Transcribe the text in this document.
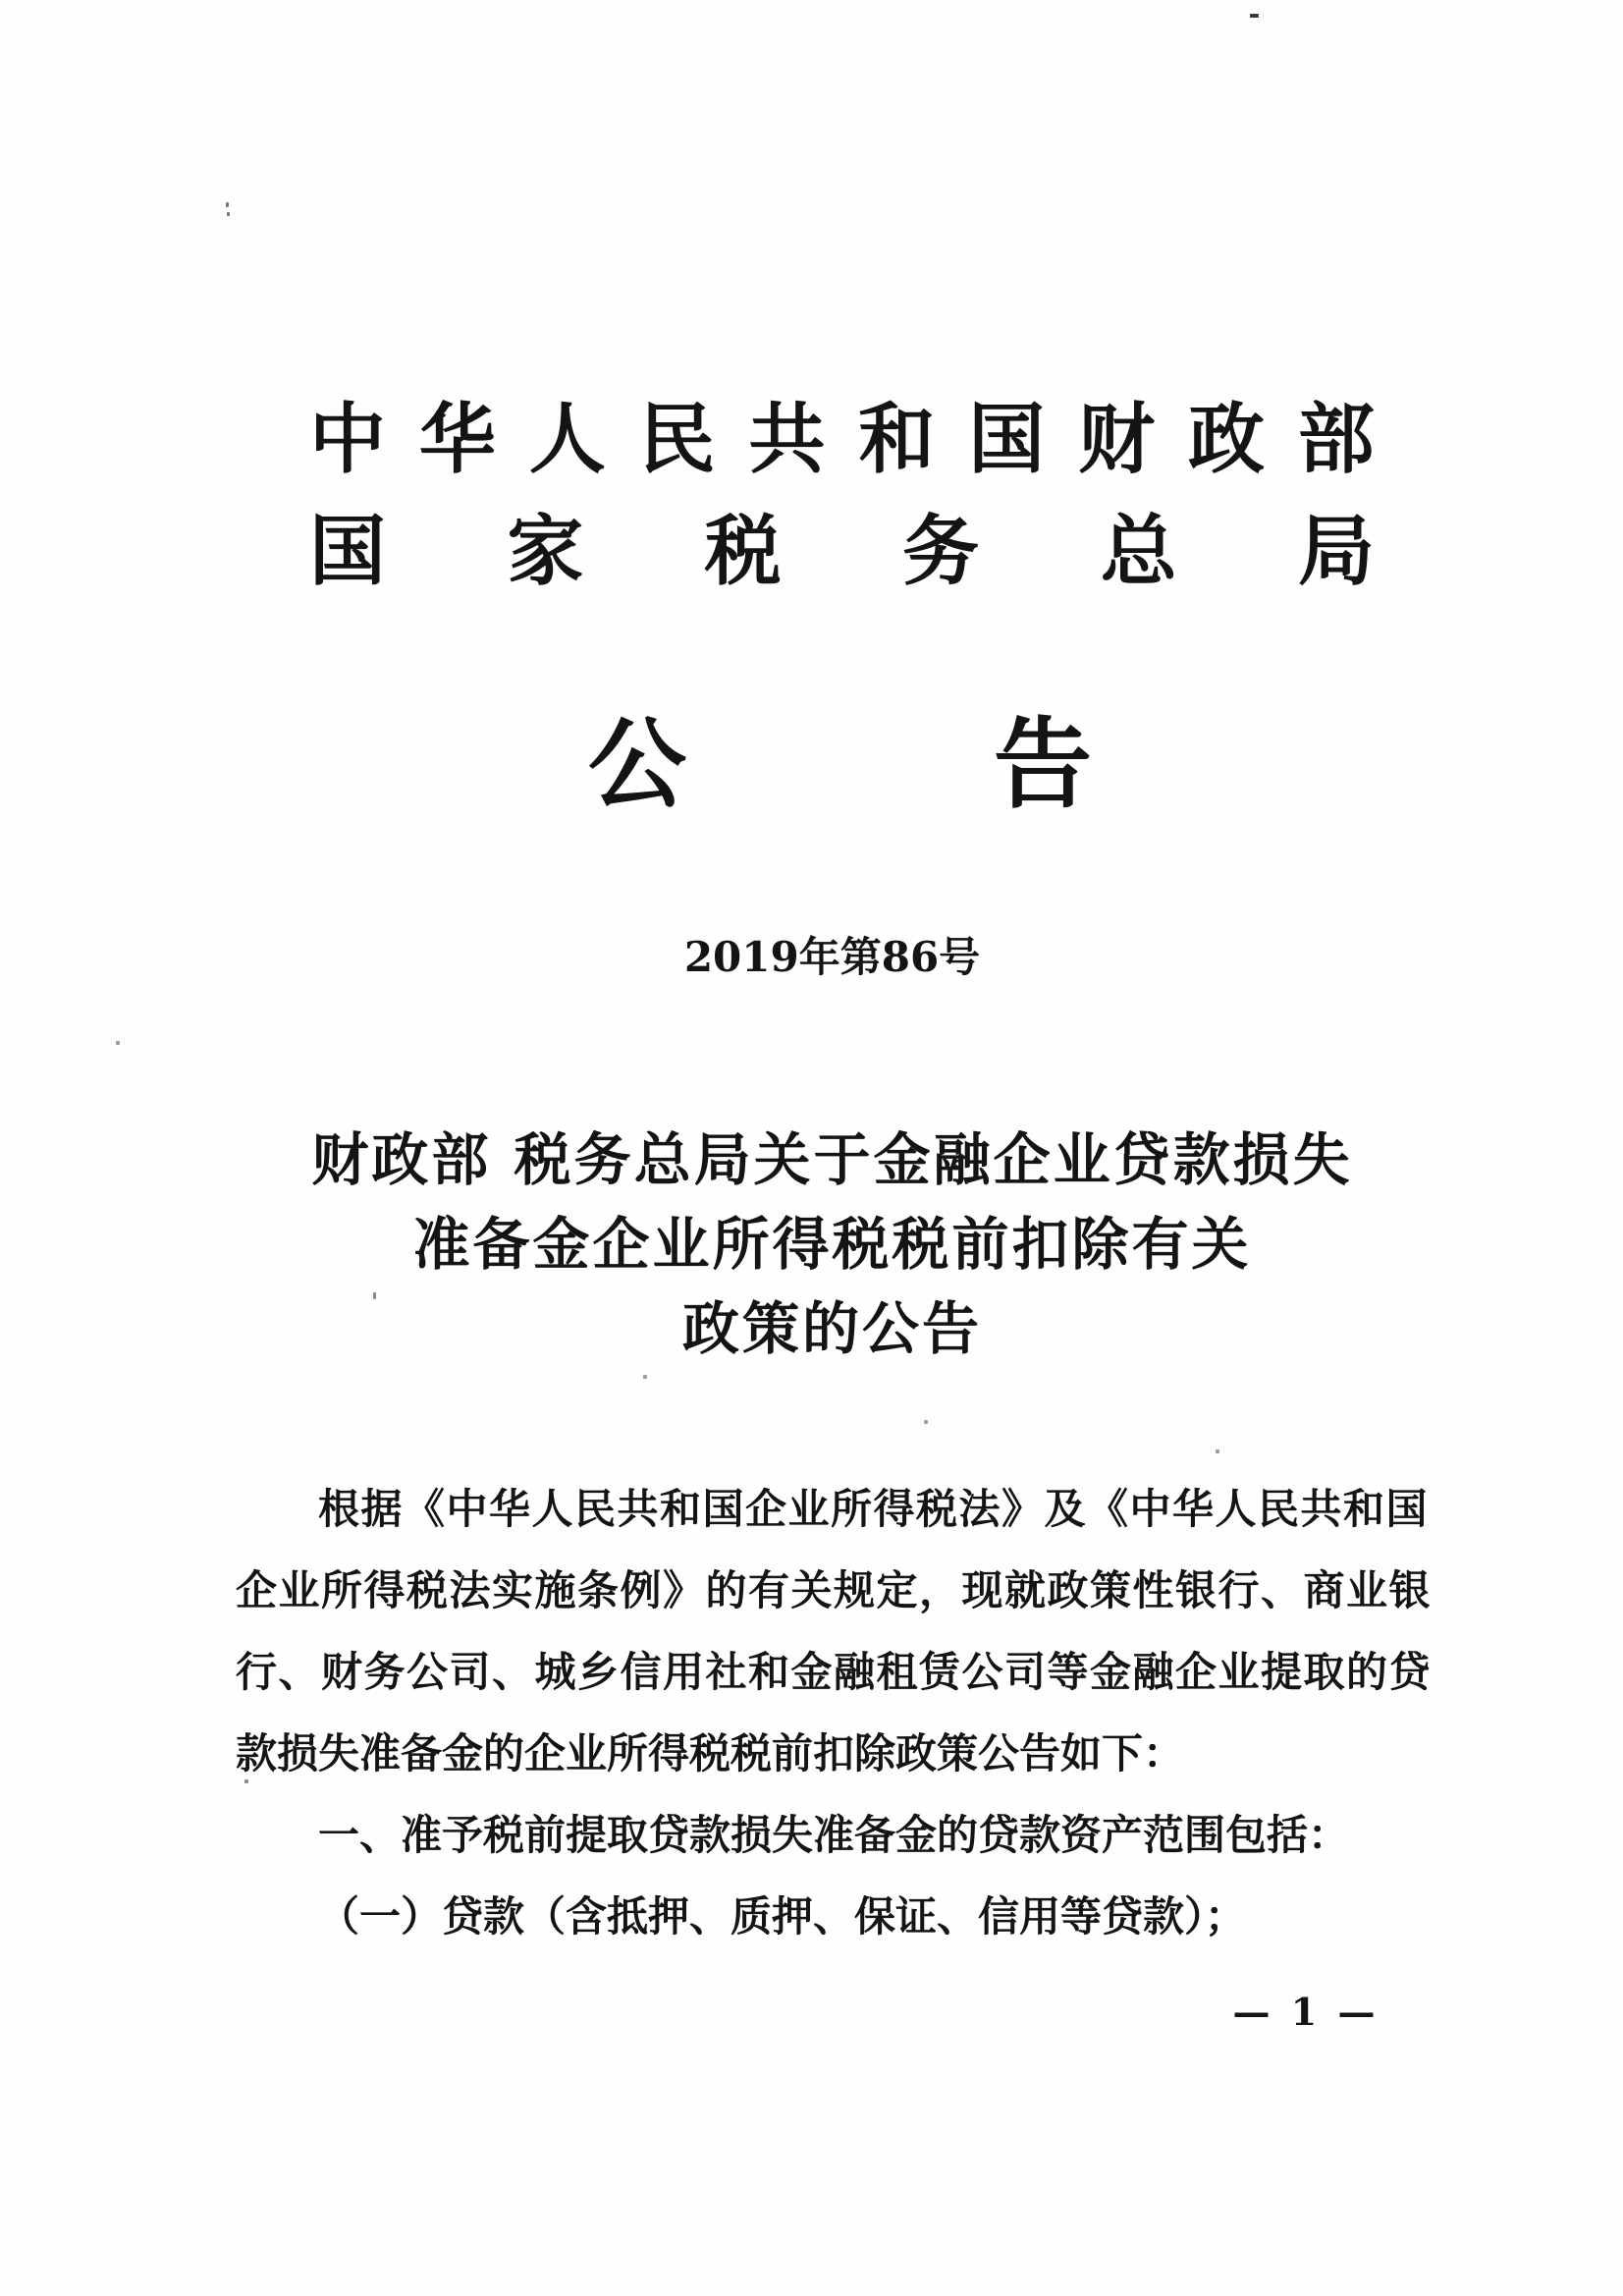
中 华 人 民 共 和 国 财 政 部
国 家 税 务 总 局
公	告
2019年第86号
财政部 税务总局关于金融企业贷款损失
准备金企业所得税税前扣除有关
政策的公告
根据《中华人民共和国企业所得税法》及《中华人民共和国
企业所得税法实施条例》的有关规定，现就政策性银行、商业银
行、财务公司、城乡信用社和金融租赁公司等金融企业提取的贷
款损失准备金的企业所得税税前扣除政策公告如下：
一、准予税前提取贷款损失准备金的贷款资产范围包括：
（一）贷款（含抵押、质押、保证、信用等贷款）；
— 1 —
